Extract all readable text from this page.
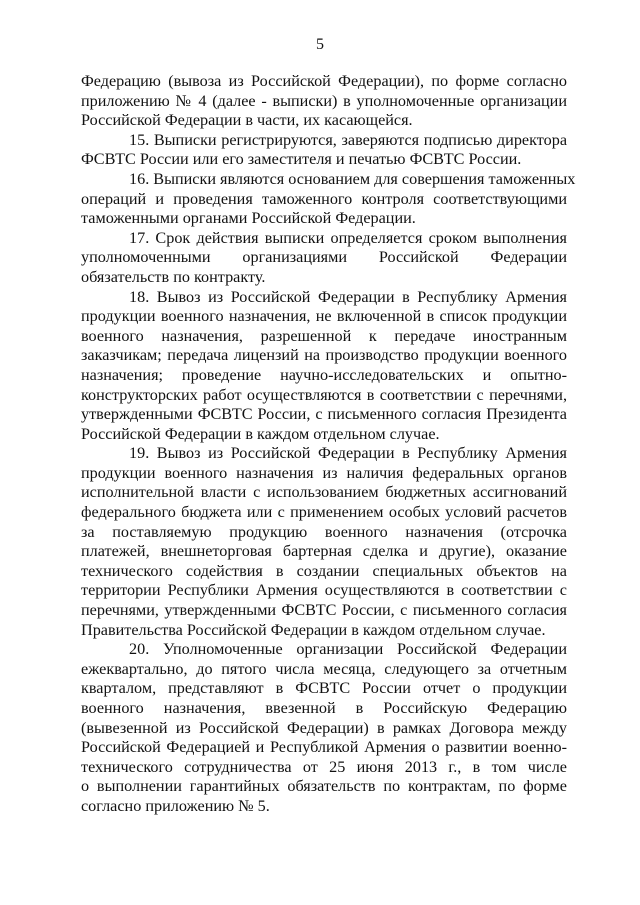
5
Федерацию (вывоза из Российской Федерации), по форме согласно
приложению № 4 (далее - выписки) в уполномоченные организации
Российской Федерации в части, их касающейся.
15. Выписки регистрируются, заверяются подписью директора
ФСВТС России или его заместителя и печатью ФСВТС России.
16. Выписки являются основанием для совершения таможенных
операций и проведения таможенного контроля соответствующими
таможенными органами Российской Федерации.
17. Срок действия выписки определяется сроком выполнения
уполномоченными организациями Российской Федерации
обязательств по контракту.
18. Вывоз из Российской Федерации в Республику Армения
продукции военного назначения, не включенной в список продукции
военного назначения, разрешенной к передаче иностранным
заказчикам; передача лицензий на производство продукции военного
назначения; проведение научно-исследовательских и опытно-
конструкторских работ осуществляются в соответствии с перечнями,
утвержденными ФСВТС России, с письменного согласия Президента
Российской Федерации в каждом отдельном случае.
19. Вывоз из Российской Федерации в Республику Армения
продукции военного назначения из наличия федеральных органов
исполнительной власти с использованием бюджетных ассигнований
федерального бюджета или с применением особых условий расчетов
за поставляемую продукцию военного назначения (отсрочка
платежей, внешнеторговая бартерная сделка и другие), оказание
технического содействия в создании специальных объектов на
территории Республики Армения осуществляются в соответствии с
перечнями, утвержденными ФСВТС России, с письменного согласия
Правительства Российской Федерации в каждом отдельном случае.
20. Уполномоченные организации Российской Федерации
ежеквартально, до пятого числа месяца, следующего за отчетным
кварталом, представляют в ФСВТС России отчет о продукции
военного назначения, ввезенной в Российскую Федерацию
(вывезенной из Российской Федерации) в рамках Договора между
Российской Федерацией и Республикой Армения о развитии военно-
технического сотрудничества от 25 июня 2013 г., в том числе
о выполнении гарантийных обязательств по контрактам, по форме
согласно приложению № 5.
